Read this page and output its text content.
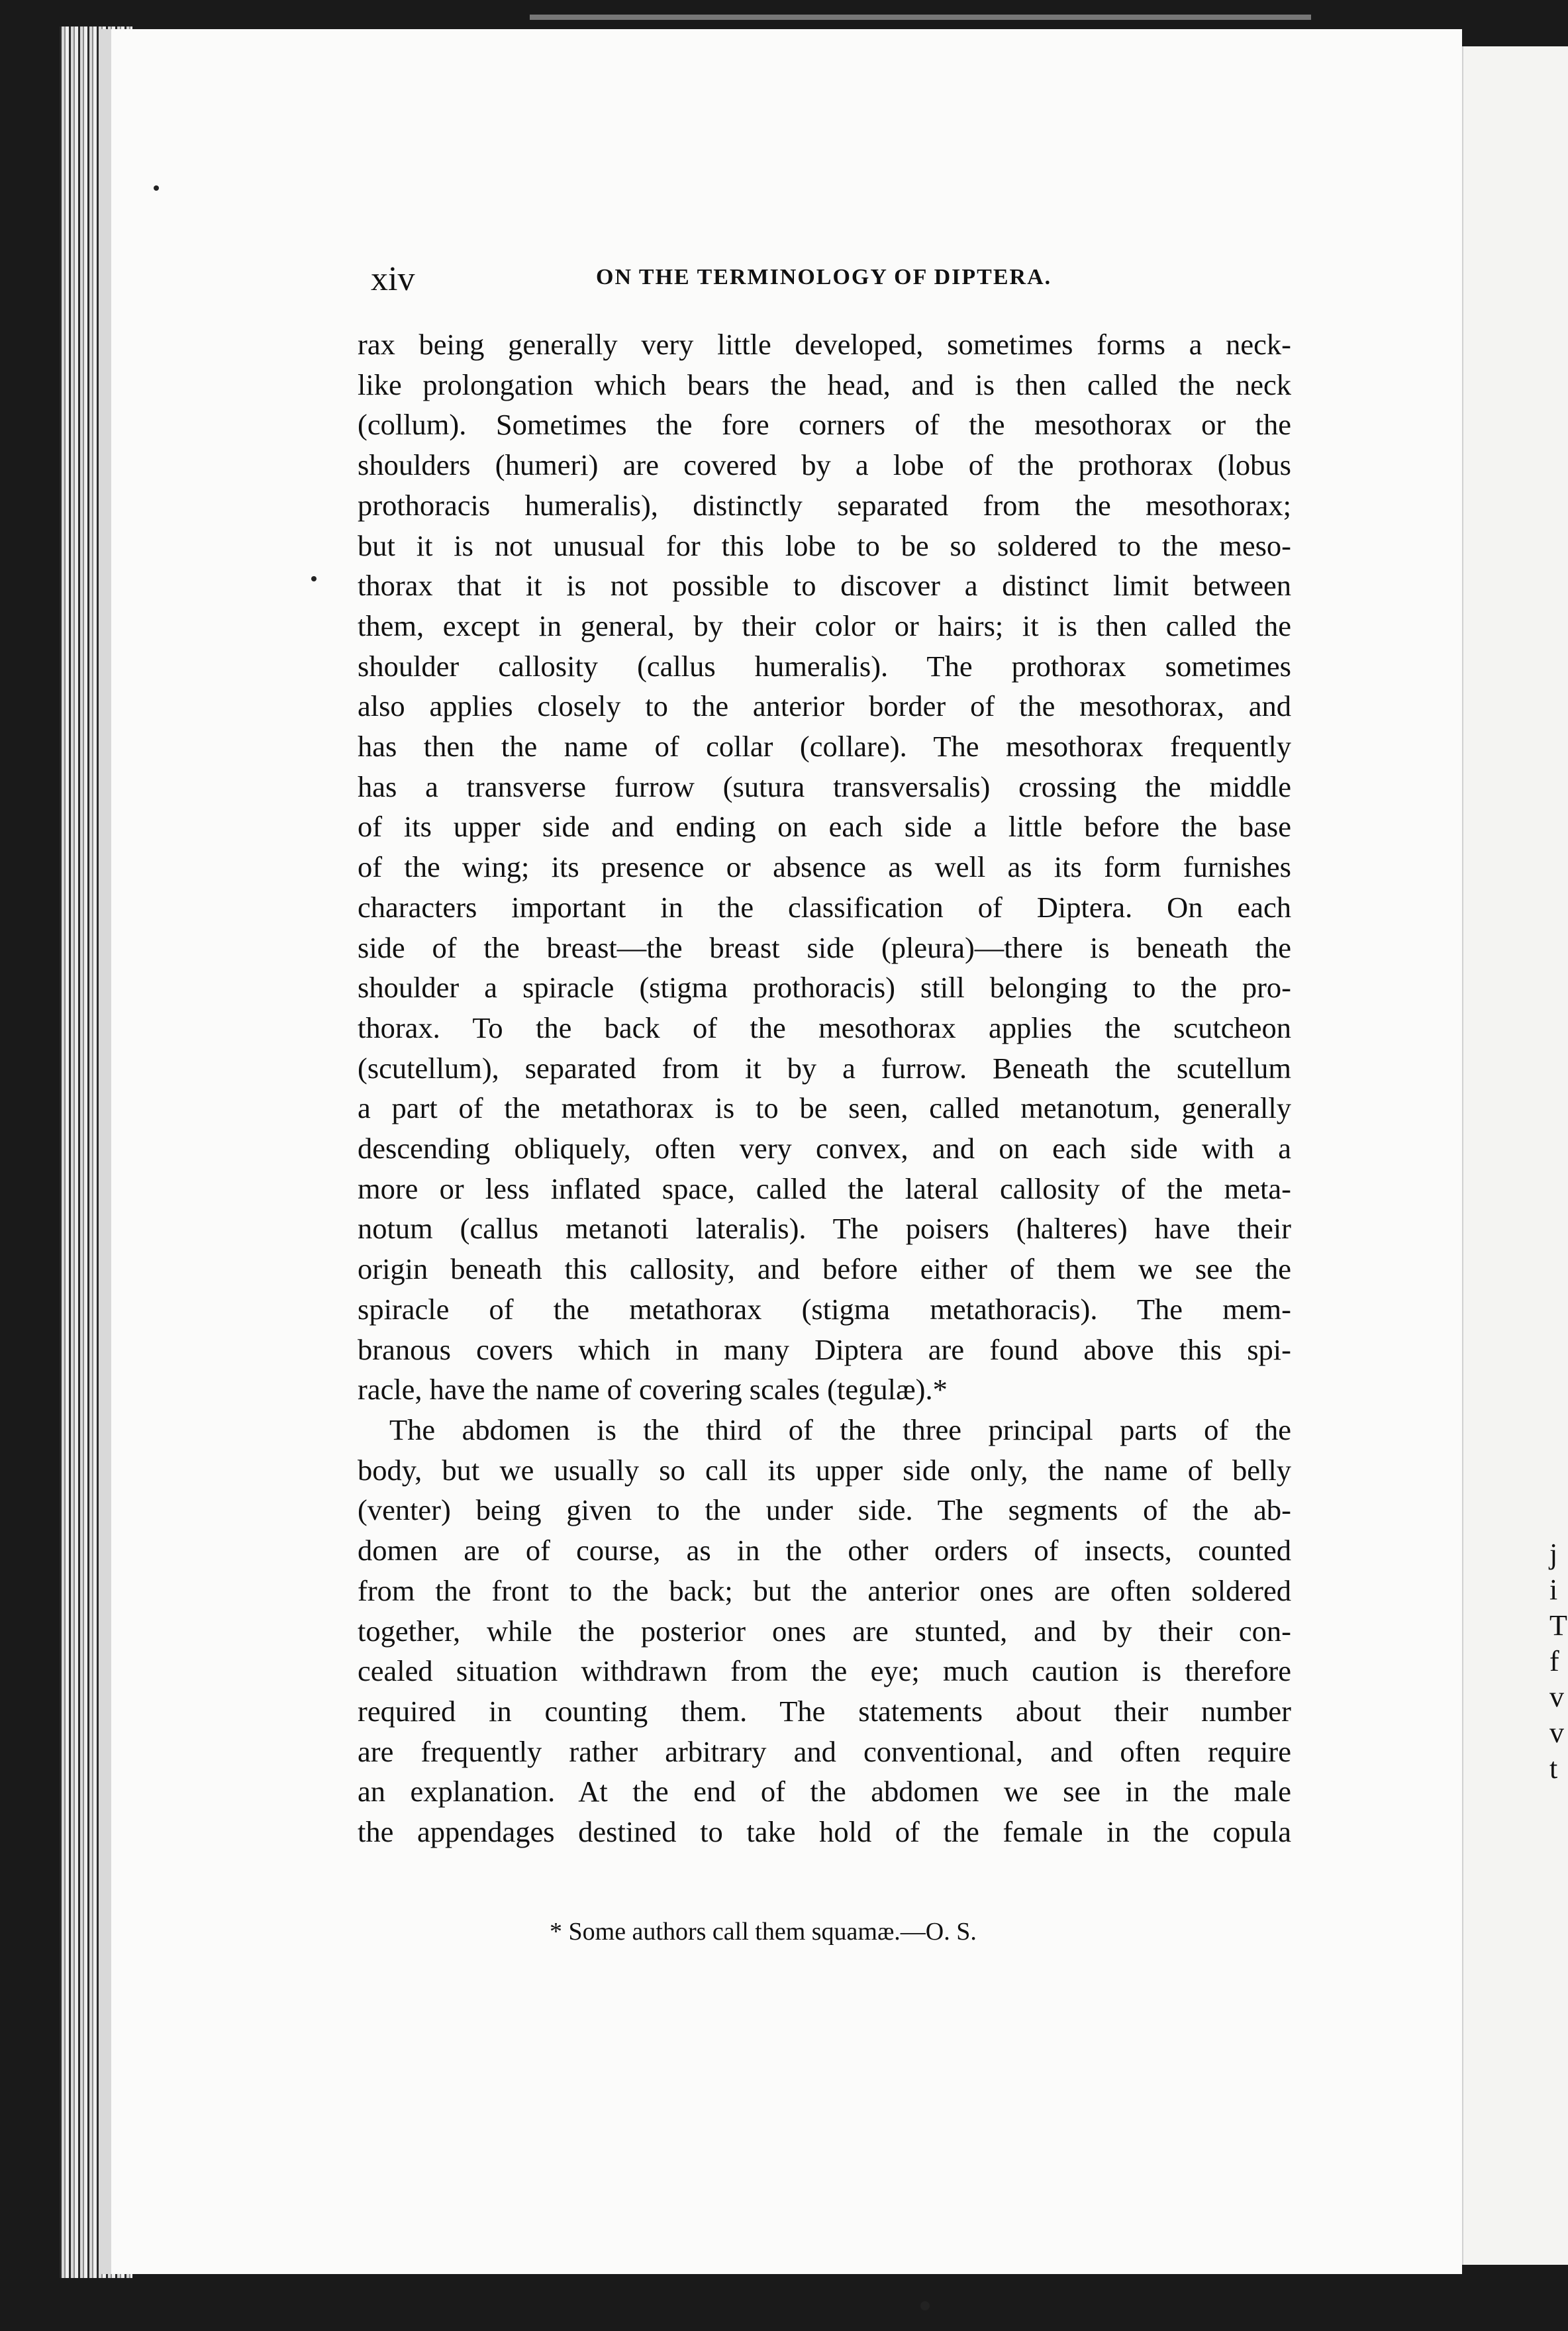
j
i
T
f
v
v
t
xiv	ON THE TERMINOLOGY OF DIPTERA.
rax being generally very little developed, sometimes forms a neck-
like prolongation which bears the head, and is then called the neck
(collum). Sometimes the fore corners of the mesothorax or the
shoulders (humeri) are covered by a lobe of the prothorax (lobus
prothoracis humeralis), distinctly separated from the mesothorax;
but it is not unusual for this lobe to be so soldered to the meso-
thorax that it is not possible to discover a distinct limit between
them, except in general, by their color or hairs; it is then called the
shoulder callosity (callus humeralis). The prothorax sometimes
also applies closely to the anterior border of the mesothorax, and
has then the name of collar (collare). The mesothorax frequently
has a transverse furrow (sutura transversalis) crossing the middle
of its upper side and ending on each side a little before the base
of the wing; its presence or absence as well as its form furnishes
characters important in the classification of Diptera. On each
side of the breast—the breast side (pleura)—there is beneath the
shoulder a spiracle (stigma prothoracis) still belonging to the pro-
thorax. To the back of the mesothorax applies the scutcheon
(scutellum), separated from it by a furrow. Beneath the scutellum
a part of the metathorax is to be seen, called metanotum, generally
descending obliquely, often very convex, and on each side with a
more or less inflated space, called the lateral callosity of the meta-
notum (callus metanoti lateralis). The poisers (halteres) have their
origin beneath this callosity, and before either of them we see the
spiracle of the metathorax (stigma metathoracis). The mem-
branous covers which in many Diptera are found above this spi-
racle, have the name of covering scales (tegulæ).*
The abdomen is the third of the three principal parts of the
body, but we usually so call its upper side only, the name of belly
(venter) being given to the under side. The segments of the ab-
domen are of course, as in the other orders of insects, counted
from the front to the back; but the anterior ones are often soldered
together, while the posterior ones are stunted, and by their con-
cealed situation withdrawn from the eye; much caution is therefore
required in counting them. The statements about their number
are frequently rather arbitrary and conventional, and often require
an explanation. At the end of the abdomen we see in the male
the appendages destined to take hold of the female in the copula
* Some authors call them squamæ.—O. S.
